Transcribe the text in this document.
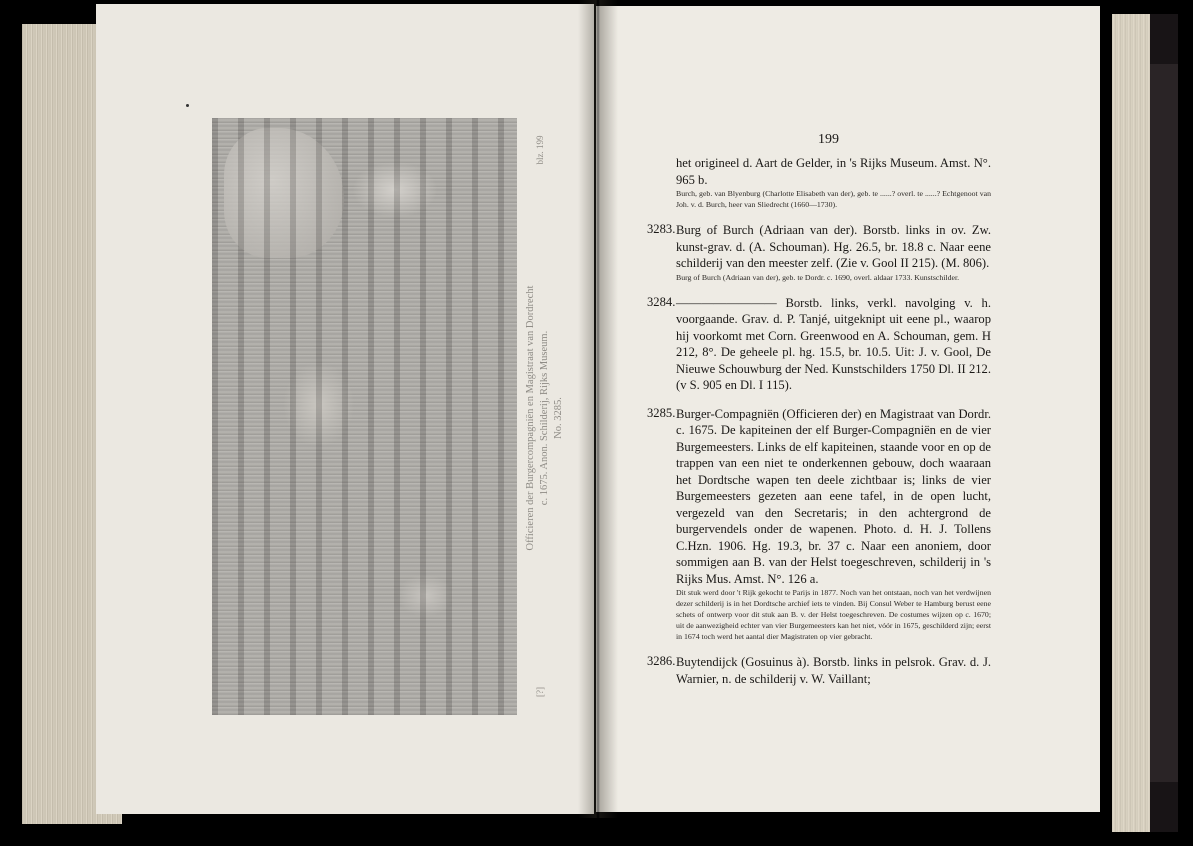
Officieren der Burgercompagniën en Magistraat van Dordrecht c. 1675. Anon. Schilderij, Rijks Museum. No. 3285.
blz. 199
[?]
199

het origineel d. Aart de Gelder, in 's Rijks Museum. Amst. N°. 965 b.

Burch, geb. van Blyenburg (Charlotte Elisabeth van der), geb. te ......? overl. te ......? Echtgenoot van Joh. v. d. Burch, heer van Sliedrecht (1660—1730).

3283. Burg of Burch (Adriaan van der). Borstb. links in ov. Zw. kunst-grav. d. (A. Schouman). Hg. 26.5, br. 18.8 c. Naar eene schilderij van den meester zelf. (Zie v. Gool II 215). (M. 806).

Burg of Burch (Adriaan van der), geb. te Dordr. c. 1690, overl. aldaar 1733. Kunstschilder.

3284. ———————— Borstb. links, verkl. navolging v. h. voorgaande. Grav. d. P. Tanjé, uitgeknipt uit eene pl., waarop hij voorkomt met Corn. Greenwood en A. Schouman, gem. H 212, 8°. De geheele pl. hg. 15.5, br. 10.5. Uit: J. v. Gool, De Nieuwe Schouwburg der Ned. Kunstschilders 1750 Dl. II 212. (v S. 905 en Dl. I 115).

3285. Burger-Compagniën (Officieren der) en Magistraat van Dordr. c. 1675. De kapiteinen der elf Burger-Compagniën en de vier Burgemeesters. Links de elf kapiteinen, staande voor en op de trappen van een niet te onderkennen gebouw, doch waaraan het Dordtsche wapen ten deele zichtbaar is; links de vier Burgemeesters gezeten aan eene tafel, in de open lucht, vergezeld van den Secretaris; in den achtergrond de burgervendels onder de wapenen. Photo. d. H. J. Tollens C.Hzn. 1906. Hg. 19.3, br. 37 c. Naar een anoniem, door sommigen aan B. van der Helst toegeschreven, schilderij in 's Rijks Mus. Amst. N°. 126 a.

Dit stuk werd door 't Rijk gekocht te Parijs in 1877. Noch van het ontstaan, noch van het verdwijnen dezer schilderij is in het Dordtsche archief iets te vinden. Bij Consul Weber te Hamburg berust eene schets of ontwerp voor dit stuk aan B. v. der Helst toegeschreven. De costumes wijzen op c. 1670; uit de aanwezigheid echter van vier Burgemeesters kan het niet, vóór in 1675, geschilderd zijn; eerst in 1674 toch werd het aantal dier Magistraten op vier gebracht.

3286. Buytendijck (Gosuinus à). Borstb. links in pelsrok. Grav. d. J. Warnier, n. de schilderij v. W. Vaillant;
